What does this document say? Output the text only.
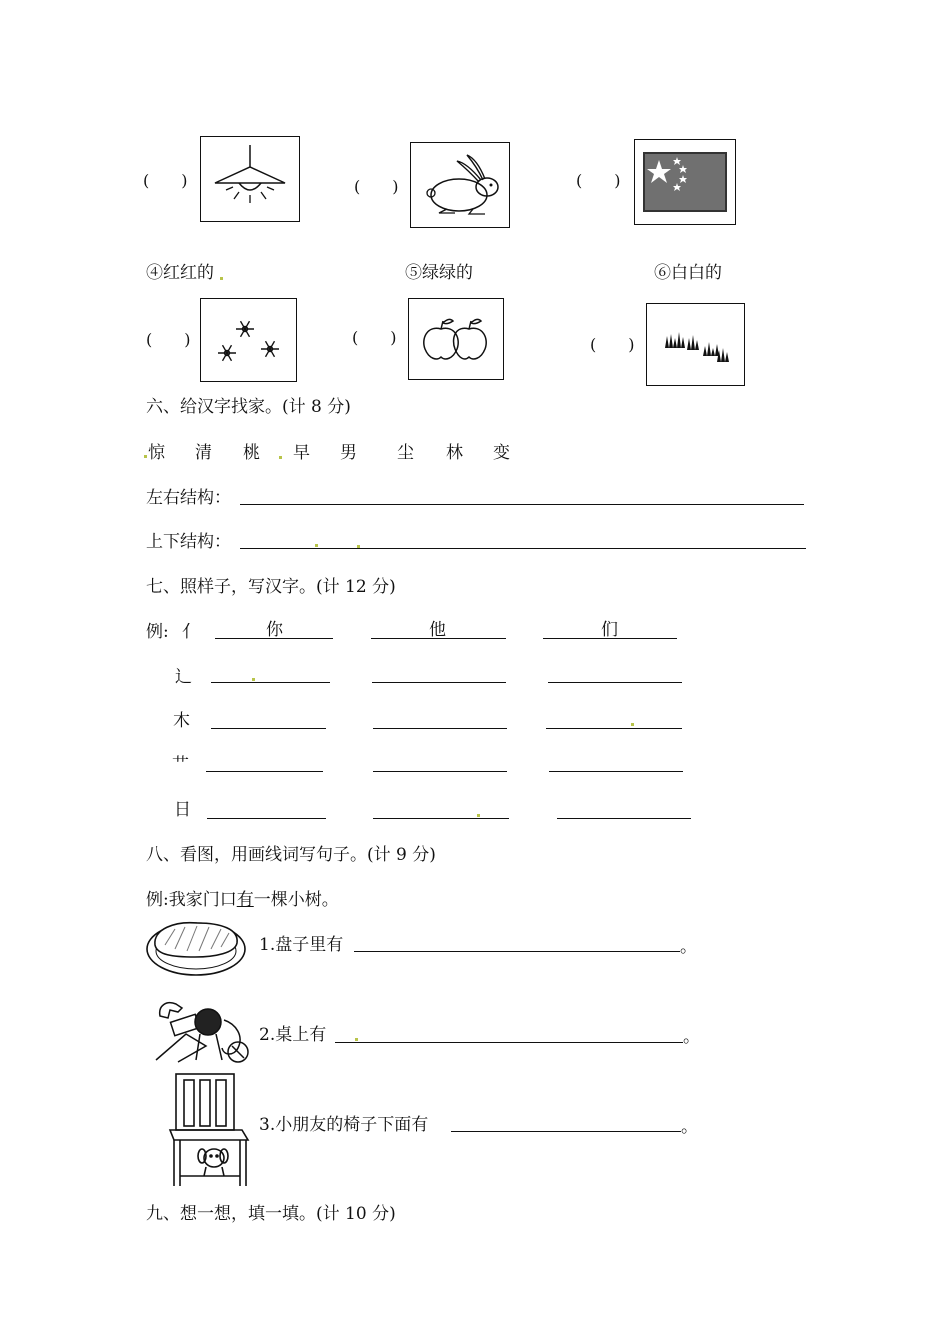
(　　)	(　　)	(　　)
④红红的	⑤绿绿的	⑥白白的
(　　)	(　　)	(　　)
六、给汉字找家。(计 8 分)
惊 清 桃 早 男 尘 林 变
左右结构：
上下结构：
七、照样子，写汉字。(计 12 分)
例: 亻	你	他	们
辶
木
艹
日
八、看图，用画线词写句子。(计 9 分)
例:我家门口有一棵小树。
1.盘子里有	。
2.桌上有	。
3.小朋友的椅子下面有	。
九、想一想，填一填。(计 10 分)
